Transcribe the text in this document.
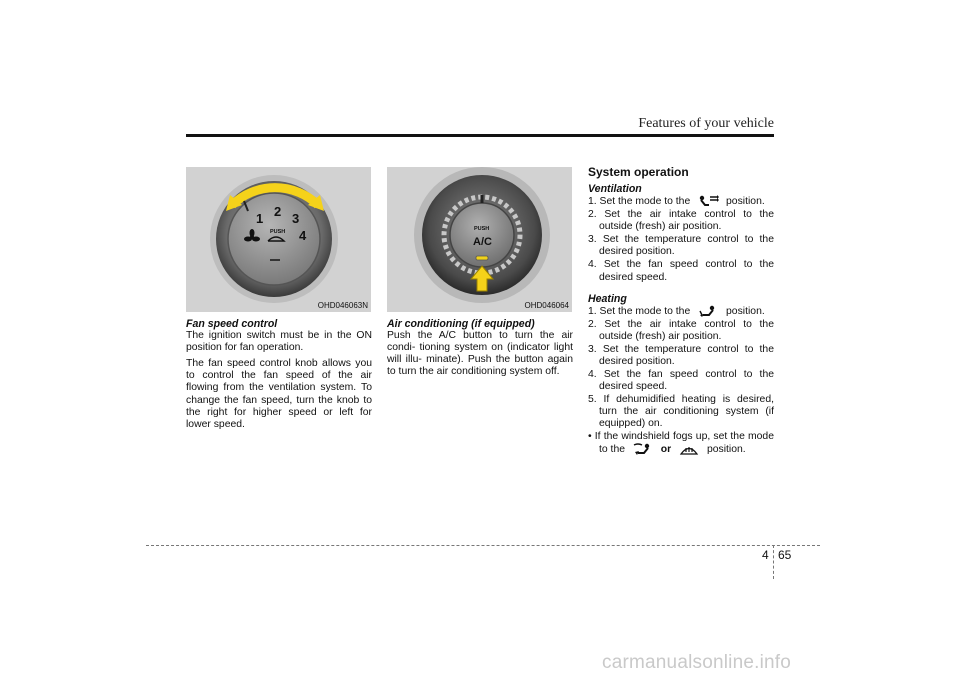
Features of your vehicle
1 2 3
4
PUSH
OHD046063N
PUSH
A/C
OHD046064
Fan speed control

The ignition switch must be in the ON position for fan operation.

The fan speed control knob allows you to control the fan speed of the air flowing from the ventilation system. To change the fan speed, turn the knob to the right for higher speed or left for lower speed.

Air conditioning (if equipped)

Push the A/C button to turn the air condi- tioning system on (indicator light will illu- minate). Push the button again to turn the air conditioning system off.

System operation
Ventilation
1. Set the mode to the	position.
2. Set the air intake control to the outside (fresh) air position.
3. Set the temperature control to the desired position.
4. Set the fan speed control to the desired speed.
Heating
1. Set the mode to the	position.
2. Set the air intake control to the outside (fresh) air position.
3. Set the temperature control to the desired position.
4. Set the fan speed control to the desired speed.
5. If dehumidified heating is desired, turn the air conditioning system (if equipped) on.
• If the windshield fogs up, set the mode to the	or	position.
4 65
carmanualsonline.info
